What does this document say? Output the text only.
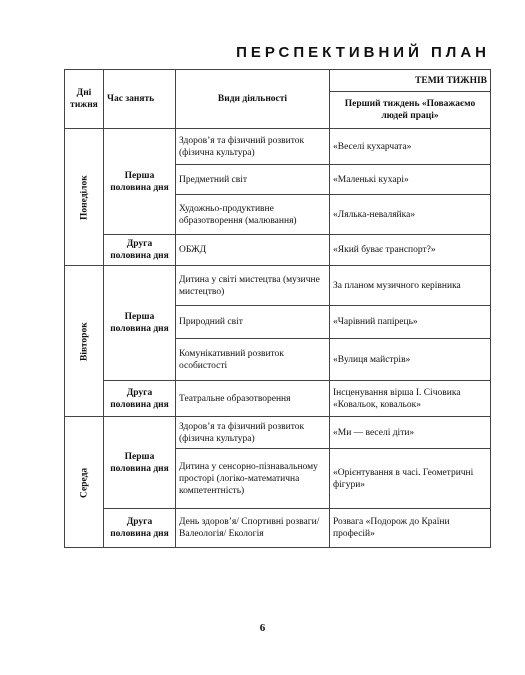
ПЕРСПЕКТИВНИЙ ПЛАН
Дні тижня	Час занять	Види діяльності	ТЕМИ ТИЖНІВ
			Перший тиждень «Поважаємо людей праці»
Понеділок	Перша половина дня	Здоров’я та фізичний розвиток (фізична культура)	«Веселі кухарчата»
		Предметний світ	«Маленькі кухарі»
		Художньо-продуктивне образотворення (малювання)	«Лялька-неваляйка»
	Друга половина дня	ОБЖД	«Який буває транспорт?»
Вівторок	Перша половина дня	Дитина у світі мистецтва (музичне мистецтво)	За планом музичного керівника
		Природний світ	«Чарівний папірець»
		Комунікативний розвиток особистості	«Вулиця майстрів»
	Друга половина дня	Театральне образотворення	Інсценування вірша І. Січовика «Ковальок, ковальок»
Середа	Перша половина дня	Здоров’я та фізичний розвиток (фізична культура)	«Ми — веселі діти»
		Дитина у сенсорно-пізнавальному просторі (логіко-математична компетентність)	«Орієнтування в часі. Геометричні фігури»
	Друга половина дня	День здоров’я/ Спортивні розваги/ Валеологія/ Екологія	Розвага «Подорож до Країни професій»

6
